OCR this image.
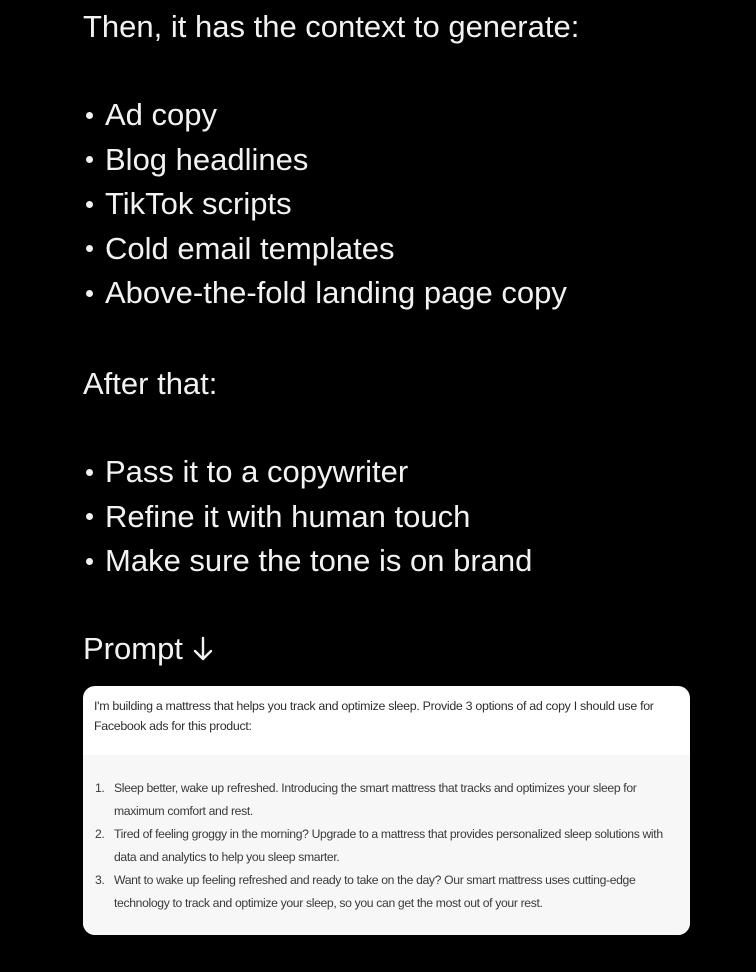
Then, it has the context to generate:
Ad copy
Blog headlines
TikTok scripts
Cold email templates
Above-the-fold landing page copy
After that:
Pass it to a copywriter
Refine it with human touch
Make sure the tone is on brand
Prompt
I'm building a mattress that helps you track and optimize sleep. Provide 3 options of ad copy I should use for Facebook ads for this product:
1. Sleep better, wake up refreshed. Introducing the smart mattress that tracks and optimizes your sleep for maximum comfort and rest.
2. Tired of feeling groggy in the morning? Upgrade to a mattress that provides personalized sleep solutions with data and analytics to help you sleep smarter.
3. Want to wake up feeling refreshed and ready to take on the day? Our smart mattress uses cutting-edge technology to track and optimize your sleep, so you can get the most out of your rest.
